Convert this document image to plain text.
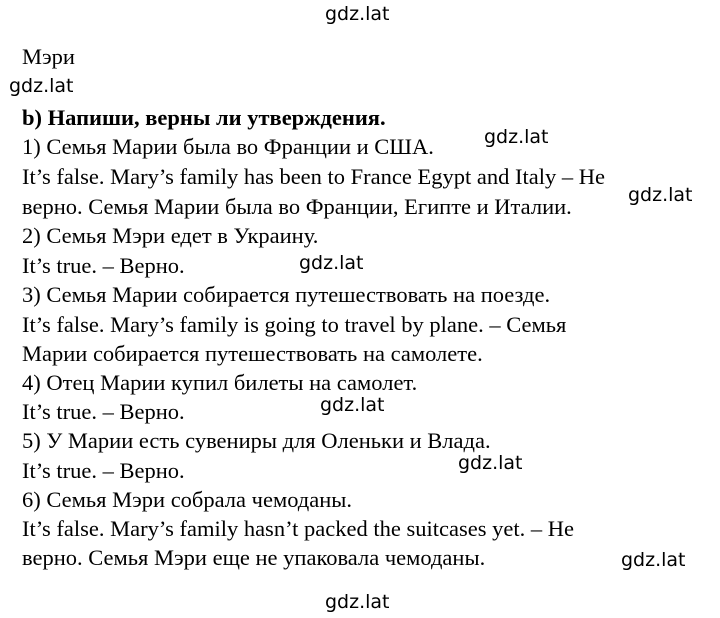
gdz.lat
gdz.lat
gdz.lat
gdz.lat
gdz.lat
gdz.lat
gdz.lat
gdz.lat
gdz.lat
Мэри
b) Напиши, верны ли утверждения.
1) Семья Марии была во Франции и США.
It’s false. Mary’s family has been to France Egypt and Italy – Не
верно. Семья Марии была во Франции, Египте и Италии.
2) Семья Мэри едет в Украину.
It’s true. – Верно.
3) Семья Марии собирается путешествовать на поезде.
It’s false. Mary’s family is going to travel by plane. – Семья
Марии собирается путешествовать на самолете.
4) Отец Марии купил билеты на самолет.
It’s true. – Верно.
5) У Марии есть сувениры для Оленьки и Влада.
It’s true. – Верно.
6) Семья Мэри собрала чемоданы.
It’s false. Mary’s family hasn’t packed the suitcases yet. – Не
верно. Семья Мэри еще не упаковала чемоданы.
